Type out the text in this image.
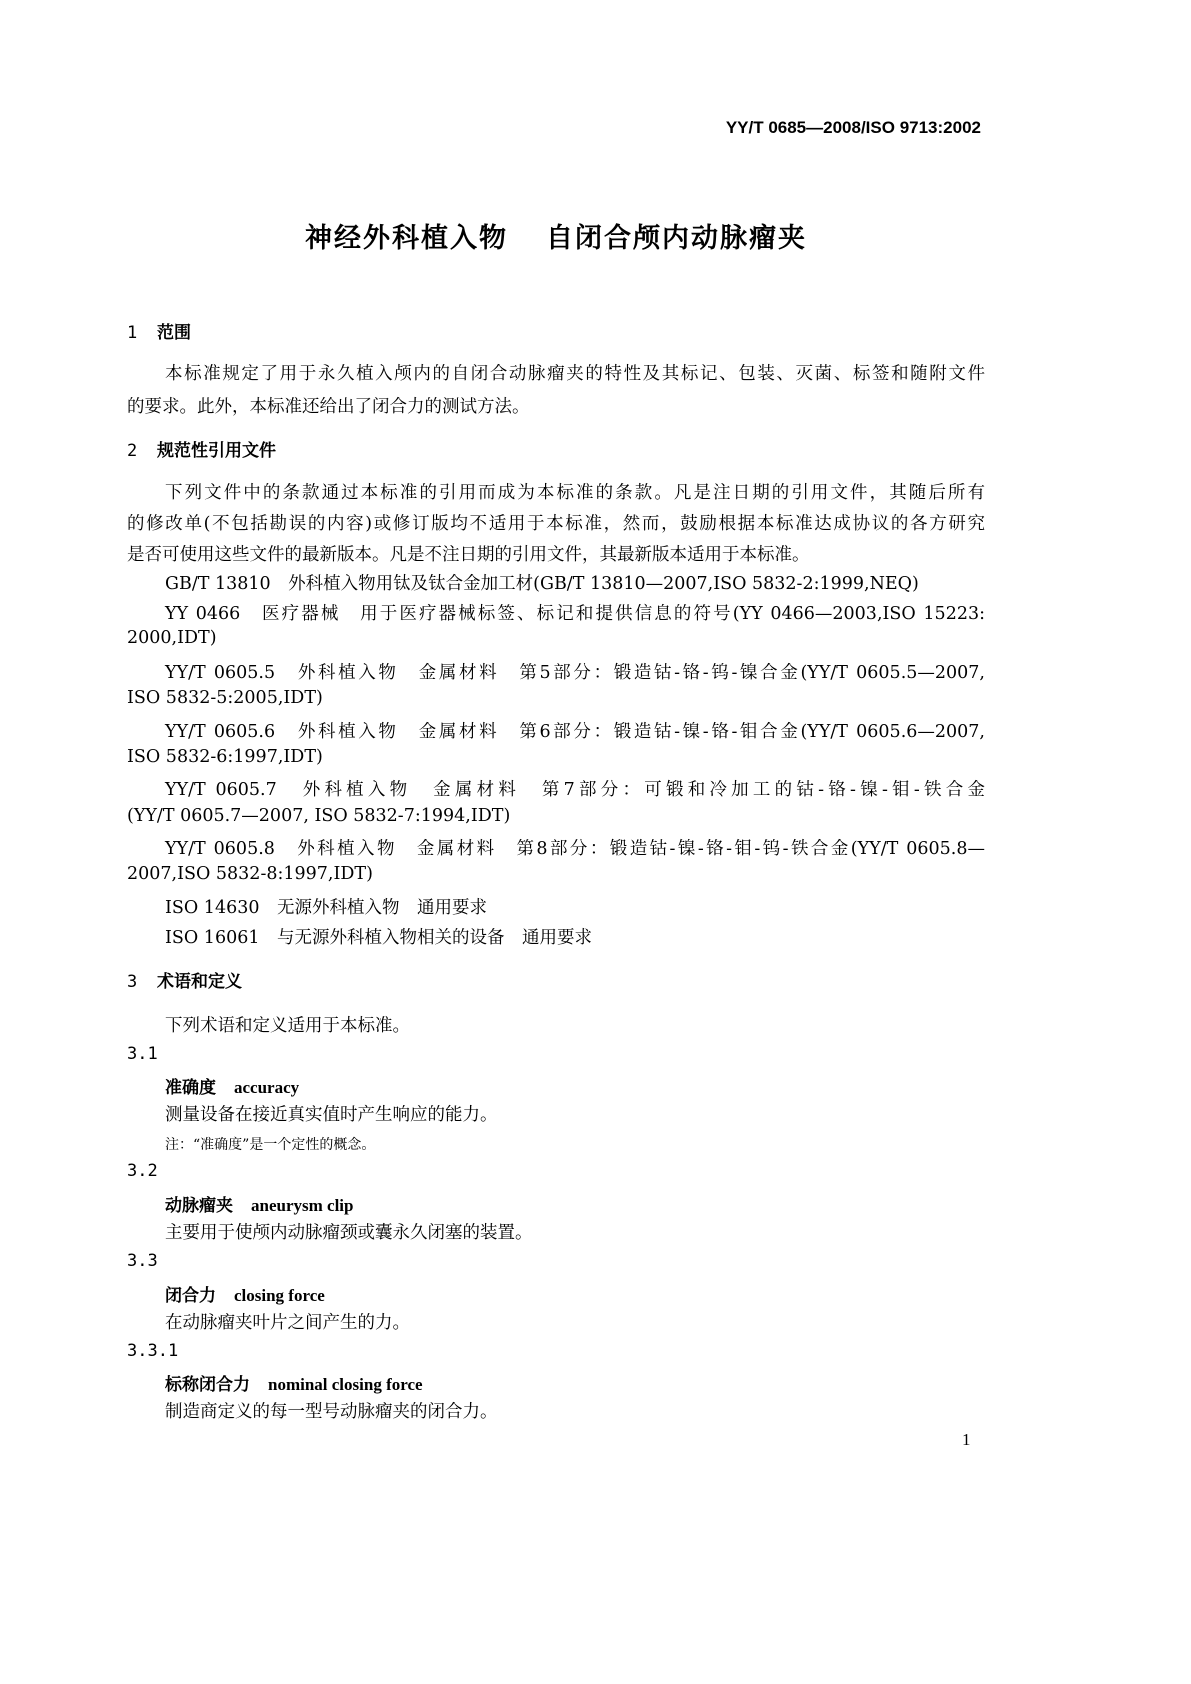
YY/T 0685—2008/ISO 9713:2002
神经外科植入物 自闭合颅内动脉瘤夹
1 范围
本标准规定了用于永久植入颅内的自闭合动脉瘤夹的特性及其标记、包装、灭菌、标签和随附文件
的要求。此外，本标准还给出了闭合力的测试方法。
2 规范性引用文件
下列文件中的条款通过本标准的引用而成为本标准的条款。凡是注日期的引用文件，其随后所有
的修改单(不包括勘误的内容)或修订版均不适用于本标准，然而，鼓励根据本标准达成协议的各方研究
是否可使用这些文件的最新版本。凡是不注日期的引用文件，其最新版本适用于本标准。
GB/T 13810　外科植入物用钛及钛合金加工材(GB/T 13810—2007,ISO 5832-2:1999,NEQ)
YY 0466　医疗器械　用于医疗器械标签、标记和提供信息的符号(YY 0466—2003,ISO 15223:
2000,IDT)
YY/T 0605.5　外科植入物　金属材料　第5部分：锻造钴-铬-钨-镍合金(YY/T 0605.5—2007,
ISO 5832-5:2005,IDT)
YY/T 0605.6　外科植入物　金属材料　第6部分：锻造钴-镍-铬-钼合金(YY/T 0605.6—2007,
ISO 5832-6:1997,IDT)
YY/T 0605.7　外科植入物　金属材料　第7部分：可锻和冷加工的钴-铬-镍-钼-铁合金
(YY/T 0605.7—2007, ISO 5832-7:1994,IDT)
YY/T 0605.8　外科植入物　金属材料　第8部分：锻造钴-镍-铬-钼-钨-铁合金(YY/T 0605.8—
2007,ISO 5832-8:1997,IDT)
ISO 14630　无源外科植入物　通用要求
ISO 16061　与无源外科植入物相关的设备　通用要求
3 术语和定义
下列术语和定义适用于本标准。
3.1
准确度 accuracy
测量设备在接近真实值时产生响应的能力。
注：“准确度”是一个定性的概念。
3.2
动脉瘤夹 aneurysm clip
主要用于使颅内动脉瘤颈或囊永久闭塞的装置。
3.3
闭合力 closing force
在动脉瘤夹叶片之间产生的力。
3.3.1
标称闭合力 nominal closing force
制造商定义的每一型号动脉瘤夹的闭合力。
1
